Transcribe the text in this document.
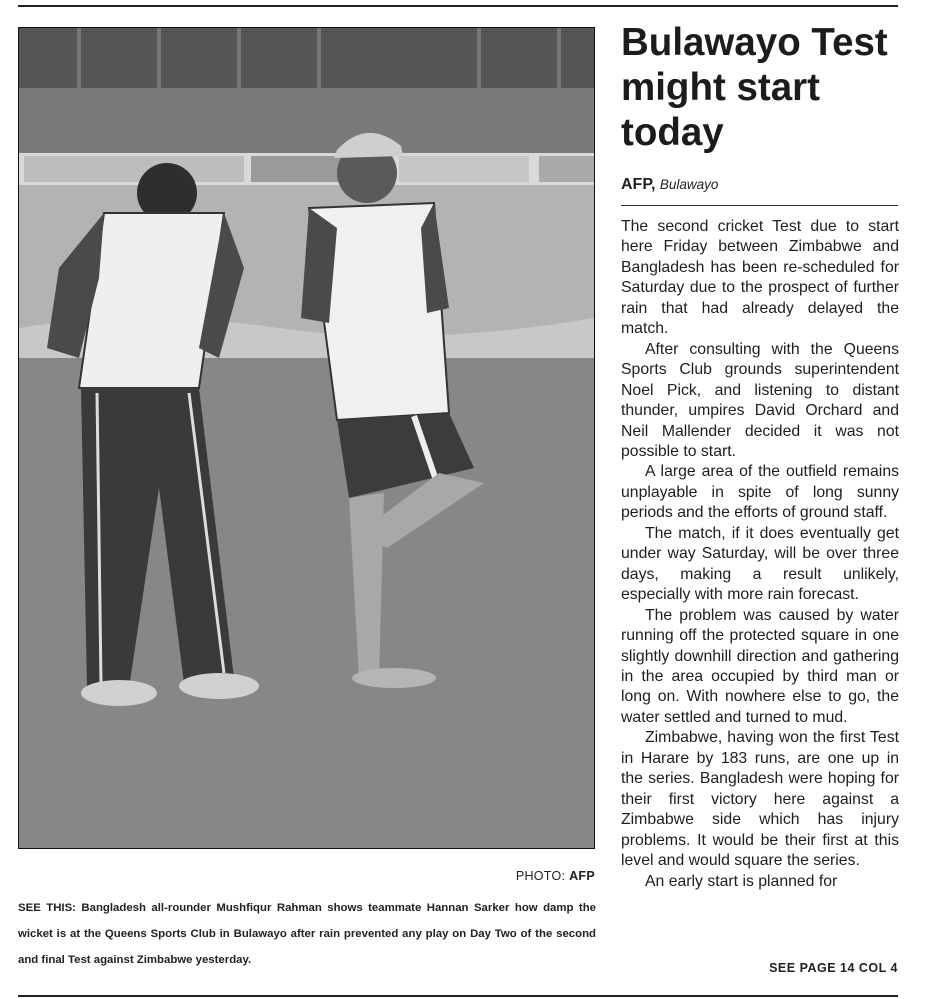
PHOTO: AFP
SEE THIS: Bangladesh all-rounder Mushfiqur Rahman shows teammate Hannan Sarker how damp the wicket is at the Queens Sports Club in Bulawayo after rain prevented any play on Day Two of the second and final Test against Zimbabwe yesterday.
Bulawayo Test might start today
AFP, Bulawayo

The second cricket Test due to start here Friday between Zimbabwe and Bangladesh has been re-scheduled for Saturday due to the prospect of further rain that had already delayed the match.

After consulting with the Queens Sports Club grounds superintendent Noel Pick, and listening to distant thunder, umpires David Orchard and Neil Mallender decided it was not possible to start.

A large area of the outfield remains unplayable in spite of long sunny periods and the efforts of ground staff.

The match, if it does eventually get under way Saturday, will be over three days, making a result unlikely, especially with more rain forecast.

The problem was caused by water running off the protected square in one slightly downhill direction and gathering in the area occupied by third man or long on. With nowhere else to go, the water settled and turned to mud.

Zimbabwe, having won the first Test in Harare by 183 runs, are one up in the series. Bangladesh were hoping for their first victory here against a Zimbabwe side which has injury problems. It would be their first at this level and would square the series.

An early start is planned for

SEE PAGE 14 COL 4
